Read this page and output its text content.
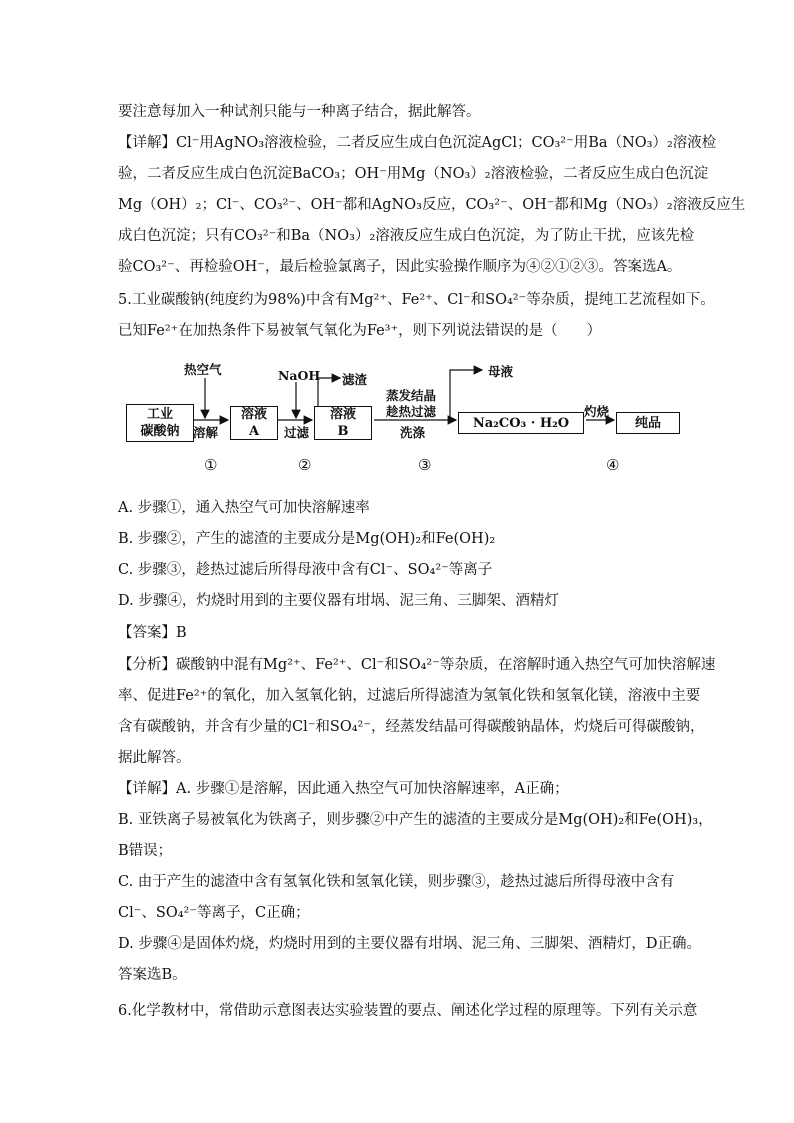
要注意每加入一种试剂只能与一种离子结合，据此解答。
【详解】Cl⁻用AgNO₃溶液检验，二者反应生成白色沉淀AgCl；CO₃²⁻用Ba（NO₃）₂溶液检
验，二者反应生成白色沉淀BaCO₃；OH⁻用Mg（NO₃）₂溶液检验，二者反应生成白色沉淀
Mg（OH）₂；Cl⁻、CO₃²⁻、OH⁻都和AgNO₃反应，CO₃²⁻、OH⁻都和Mg（NO₃）₂溶液反应生
成白色沉淀；只有CO₃²⁻和Ba（NO₃）₂溶液反应生成白色沉淀，为了防止干扰，应该先检
验CO₃²⁻、再检验OH⁻，最后检验氯离子，因此实验操作顺序为④②①②③。答案选A。
5.工业碳酸钠(纯度约为98%)中含有Mg²⁺、Fe²⁺、Cl⁻和SO₄²⁻等杂质，提纯工艺流程如下。
已知Fe²⁺在加热条件下易被氧气氧化为Fe³⁺，则下列说法错误的是（　　）
工业
碳酸钠
溶液
A
溶液
B
Na₂CO₃ · H₂O	纯品
热空气
溶解
NaOH 滤渣
过滤
蒸发结晶
趁热过滤
洗涤
母液
灼烧
①	②	③	④
A. 步骤①，通入热空气可加快溶解速率
B. 步骤②，产生的滤渣的主要成分是Mg(OH)₂和Fe(OH)₂
C. 步骤③，趁热过滤后所得母液中含有Cl⁻、SO₄²⁻等离子
D. 步骤④，灼烧时用到的主要仪器有坩埚、泥三角、三脚架、酒精灯
【答案】B
【分析】碳酸钠中混有Mg²⁺、Fe²⁺、Cl⁻和SO₄²⁻等杂质，在溶解时通入热空气可加快溶解速
率、促进Fe²⁺的氧化，加入氢氧化钠，过滤后所得滤渣为氢氧化铁和氢氧化镁，溶液中主要
含有碳酸钠，并含有少量的Cl⁻和SO₄²⁻，经蒸发结晶可得碳酸钠晶体，灼烧后可得碳酸钠，
据此解答。
【详解】A. 步骤①是溶解，因此通入热空气可加快溶解速率，A正确；
B. 亚铁离子易被氧化为铁离子，则步骤②中产生的滤渣的主要成分是Mg(OH)₂和Fe(OH)₃，
B错误；
C. 由于产生的滤渣中含有氢氧化铁和氢氧化镁，则步骤③，趁热过滤后所得母液中含有
Cl⁻、SO₄²⁻等离子，C正确；
D. 步骤④是固体灼烧，灼烧时用到的主要仪器有坩埚、泥三角、三脚架、酒精灯，D正确。
答案选B。
6.化学教材中，常借助示意图表达实验装置的要点、阐述化学过程的原理等。下列有关示意
